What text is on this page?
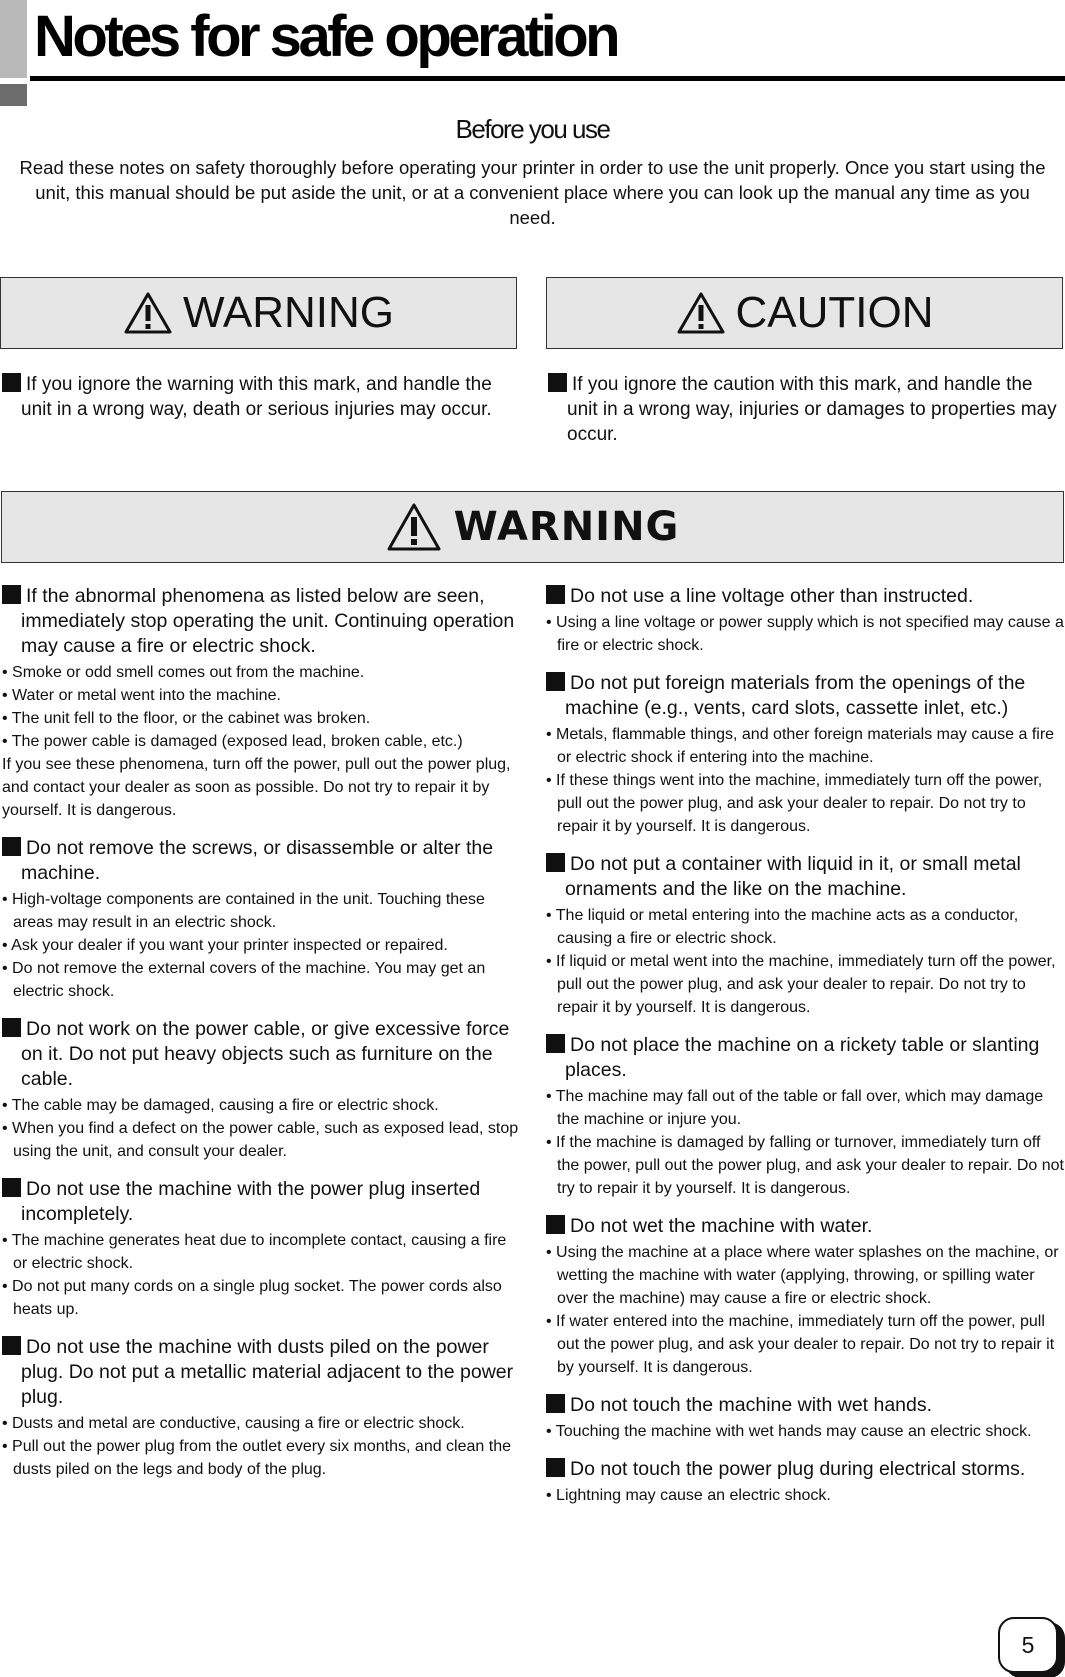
Notes for safe operation
Before you use

Read these notes on safety thoroughly before operating your printer in order to use the unit properly. Once you start using the unit, this manual should be put aside the unit, or at a convenient place where you can look up the manual any time as you need.

WARNING
If you ignore the warning with this mark, and handle the unit in a wrong way, death or serious injuries may occur.
CAUTION
If you ignore the caution with this mark, and handle the unit in a wrong way, injuries or damages to properties may occur.
WARNING
If the abnormal phenomena as listed below are seen, immediately stop operating the unit. Continuing operation may cause a fire or electric shock.
• Smoke or odd smell comes out from the machine.
• Water or metal went into the machine.
• The unit fell to the floor, or the cabinet was broken.
• The power cable is damaged (exposed lead, broken cable, etc.)
If you see these phenomena, turn off the power, pull out the power plug, and contact your dealer as soon as possible. Do not try to repair it by yourself. It is dangerous.
Do not remove the screws, or disassemble or alter the machine.
• High-voltage components are contained in the unit. Touching these areas may result in an electric shock.
• Ask your dealer if you want your printer inspected or repaired.
• Do not remove the external covers of the machine. You may get an electric shock.
Do not work on the power cable, or give excessive force on it. Do not put heavy objects such as furniture on the cable.
• The cable may be damaged, causing a fire or electric shock.
• When you find a defect on the power cable, such as exposed lead, stop using the unit, and consult your dealer.
Do not use the machine with the power plug inserted incompletely.
• The machine generates heat due to incomplete contact, causing a fire or electric shock.
• Do not put many cords on a single plug socket. The power cords also heats up.
Do not use the machine with dusts piled on the power plug. Do not put a metallic material adjacent to the power plug.
• Dusts and metal are conductive, causing a fire or electric shock.
• Pull out the power plug from the outlet every six months, and clean the dusts piled on the legs and body of the plug.
Do not use a line voltage other than instructed.
• Using a line voltage or power supply which is not specified may cause a fire or electric shock.
Do not put foreign materials from the openings of the machine (e.g., vents, card slots, cassette inlet, etc.)
• Metals, flammable things, and other foreign materials may cause a fire or electric shock if entering into the machine.
• If these things went into the machine, immediately turn off the power, pull out the power plug, and ask your dealer to repair. Do not try to repair it by yourself. It is dangerous.
Do not put a container with liquid in it, or small metal ornaments and the like on the machine.
• The liquid or metal entering into the machine acts as a conductor, causing a fire or electric shock.
• If liquid or metal went into the machine, immediately turn off the power, pull out the power plug, and ask your dealer to repair. Do not try to repair it by yourself. It is dangerous.
Do not place the machine on a rickety table or slanting places.
• The machine may fall out of the table or fall over, which may damage the machine or injure you.
• If the machine is damaged by falling or turnover, immediately turn off the power, pull out the power plug, and ask your dealer to repair. Do not try to repair it by yourself. It is dangerous.
Do not wet the machine with water.
• Using the machine at a place where water splashes on the machine, or wetting the machine with water (applying, throwing, or spilling water over the machine) may cause a fire or electric shock.
• If water entered into the machine, immediately turn off the power, pull out the power plug, and ask your dealer to repair. Do not try to repair it by yourself. It is dangerous.
Do not touch the machine with wet hands.
• Touching the machine with wet hands may cause an electric shock.
Do not touch the power plug during electrical storms.
• Lightning may cause an electric shock.
5
